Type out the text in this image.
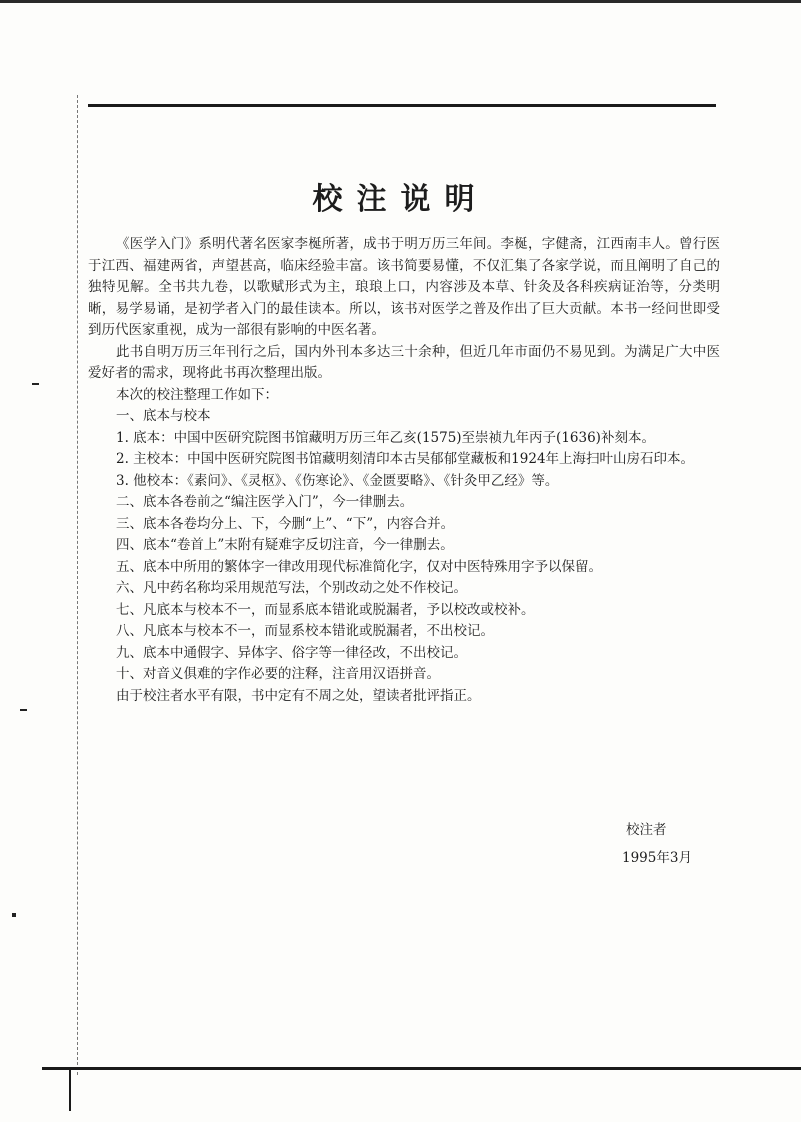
校注说明

《医学入门》系明代著名医家李梴所著，成书于明万历三年间。李梴，字健斋，江西南丰人。曾行医于江西、福建两省，声望甚高，临床经验丰富。该书简要易懂，不仅汇集了各家学说，而且阐明了自己的独特见解。全书共九卷，以歌赋形式为主，琅琅上口，内容涉及本草、针灸及各科疾病证治等，分类明晰，易学易诵，是初学者入门的最佳读本。所以，该书对医学之普及作出了巨大贡献。本书一经问世即受到历代医家重视，成为一部很有影响的中医名著。

此书自明万历三年刊行之后，国内外刊本多达三十余种，但近几年市面仍不易见到。为满足广大中医爱好者的需求，现将此书再次整理出版。

本次的校注整理工作如下：

一、底本与校本

1. 底本：中国中医研究院图书馆藏明万历三年乙亥(1575)至崇祯九年丙子(1636)补刻本。

2. 主校本：中国中医研究院图书馆藏明刻清印本古吴郁郁堂藏板和1924年上海扫叶山房石印本。

3. 他校本：《素问》、《灵枢》、《伤寒论》、《金匮要略》、《针灸甲乙经》等。

二、底本各卷前之“编注医学入门”，今一律删去。

三、底本各卷均分上、下，今删“上”、“下”，内容合并。

四、底本“卷首上”末附有疑难字反切注音，今一律删去。

五、底本中所用的繁体字一律改用现代标准简化字，仅对中医特殊用字予以保留。

六、凡中药名称均采用规范写法，个别改动之处不作校记。

七、凡底本与校本不一，而显系底本错讹或脱漏者，予以校改或校补。

八、凡底本与校本不一，而显系校本错讹或脱漏者，不出校记。

九、底本中通假字、异体字、俗字等一律径改，不出校记。

十、对音义俱难的字作必要的注释，注音用汉语拼音。

由于校注者水平有限，书中定有不周之处，望读者批评指正。

校注者
1995年3月
